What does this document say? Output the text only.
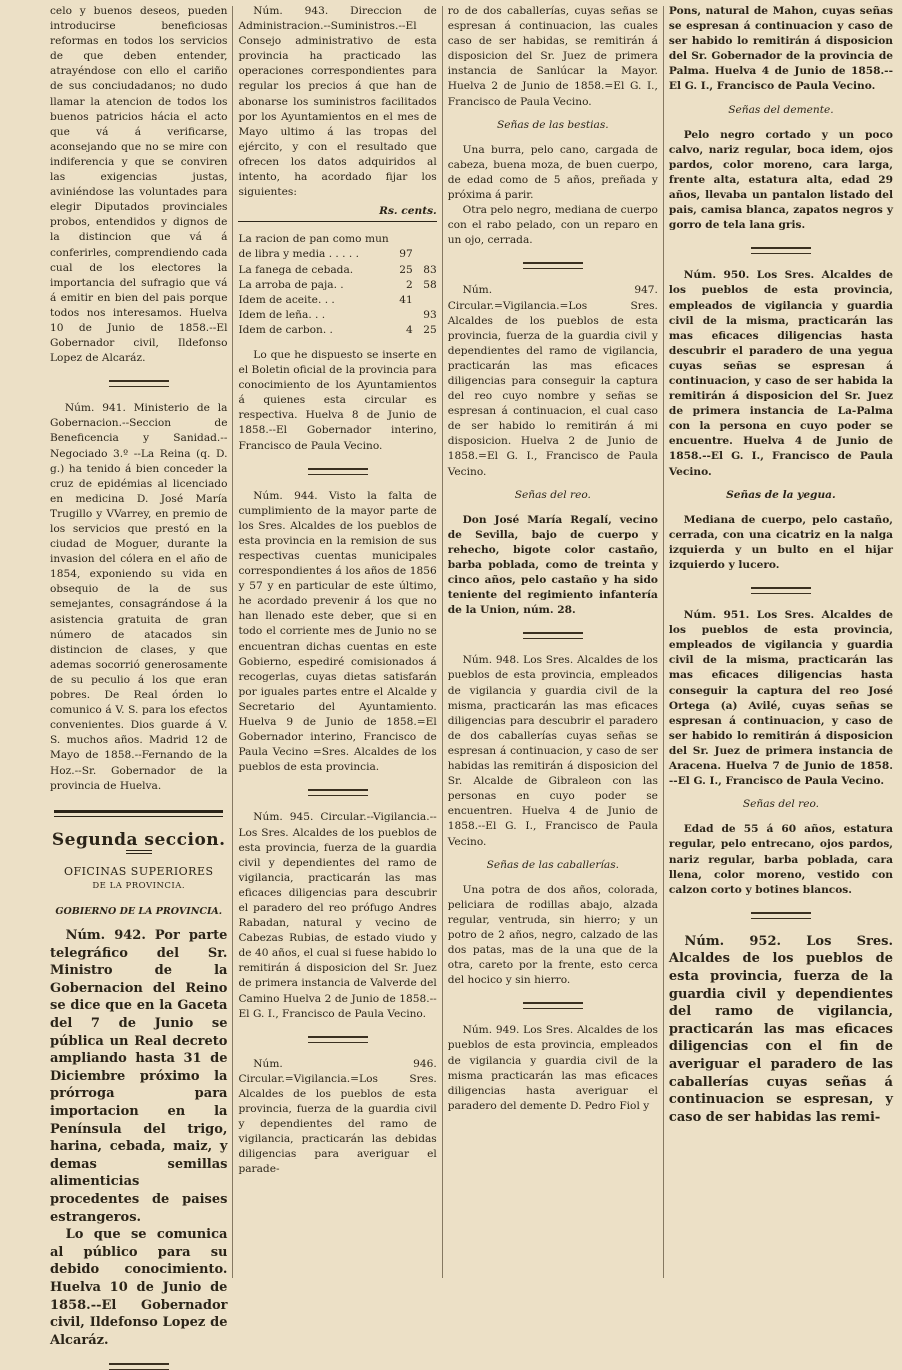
celo y buenos deseos, pueden introducirse beneficiosas reformas en todos los servicios de que deben entender, atrayéndose con ello el cariño de sus conciudadanos; no dudo llamar la atencion de todos los buenos patricios hácia el acto que vá á verificarse, aconsejando que no se mire con indiferencia y que se conviren las exigencias justas, aviniéndose las voluntades para elegir Diputados provinciales probos, entendidos y dignos de la distincion que vá á conferirles, comprendiendo cada cual de los electores la importancia del sufragio que vá á emitir en bien del pais porque todos nos interesamos. Huelva 10 de Junio de 1858.--El Gobernador civil, Ildefonso Lopez de Alcaráz.

Núm. 941. Ministerio de la Gobernacion.--Seccion de Beneficencia y Sanidad.--Negociado 3.º --La Reina (q. D. g.) ha tenido á bien conceder la cruz de epidémias al licenciado en medicina D. José María Trugillo y VVarrey, en premio de los servicios que prestó en la ciudad de Moguer, durante la invasion del cólera en el año de 1854, exponiendo su vida en obsequio de la de sus semejantes, consagrándose á la asistencia gratuita de gran número de atacados sin distincion de clases, y que ademas socorrió generosamente de su peculio á los que eran pobres. De Real órden lo comunico á V. S. para los efectos convenientes. Dios guarde á V. S. muchos años. Madrid 12 de Mayo de 1858.--Fernando de la Hoz.--Sr. Gobernador de la provincia de Huelva.

Segunda seccion.
OFICINAS SUPERIORES
DE LA PROVINCIA.
GOBIERNO DE LA PROVINCIA.

Núm. 942. Por parte telegráfico del Sr. Ministro de la Gobernacion del Reino se dice que en la Gaceta del 7 de Junio se pública un Real decreto ampliando hasta 31 de Diciembre próximo la prórroga para importacion en la Península del trigo, harina, cebada, maiz, y demas semillas alimenticias procedentes de paises estrangeros.

Lo que se comunica al público para su debido conocimiento. Huelva 10 de Junio de 1858.--El Gobernador civil, Ildefonso Lopez de Alcaráz.

Núm. 943. Direccion de Administracion.--Suministros.--El Consejo administrativo de esta provincia ha practicado las operaciones correspondientes para regular los precios á que han de abonarse los suministros facilitados por los Ayuntamientos en el mes de Mayo ultimo á las tropas del ejército, y con el resultado que ofrecen los datos adquiridos al intento, ha acordado fijar los siguientes:

Rs. cents.
La racion de pan como mun de libra y media . . . . .	97
La fanega de cebada.	25 83
La arroba de paja. .	2 58
Idem de aceite. . .	41
Idem de leña. . .	93
Idem de carbon. .	4 25

Lo que he dispuesto se inserte en el Boletin oficial de la provincia para conocimiento de los Ayuntamientos á quienes esta circular es respectiva. Huelva 8 de Junio de 1858.--El Gobernador interino, Francisco de Paula Vecino.

Núm. 944. Visto la falta de cumplimiento de la mayor parte de los Sres. Alcaldes de los pueblos de esta provincia en la remision de sus respectivas cuentas municipales correspondientes á los años de 1856 y 57 y en particular de este último, he acordado prevenir á los que no han llenado este deber, que si en todo el corriente mes de Junio no se encuentran dichas cuentas en este Gobierno, espediré comisionados á recogerlas, cuyas dietas satisfarán por iguales partes entre el Alcalde y Secretario del Ayuntamiento. Huelva 9 de Junio de 1858.=El Gobernador interino, Francisco de Paula Vecino =Sres. Alcaldes de los pueblos de esta provincia.

Núm. 945. Circular.--Vigilancia.--Los Sres. Alcaldes de los pueblos de esta provincia, fuerza de la guardia civil y dependientes del ramo de vigilancia, practicarán las mas eficaces diligencias para descubrir el paradero del reo prófugo Andres Rabadan, natural y vecino de Cabezas Rubias, de estado viudo y de 40 años, el cual si fuese habido lo remitirán á disposicion del Sr. Juez de primera instancia de Valverde del Camino Huelva 2 de Junio de 1858.--El G. I., Francisco de Paula Vecino.

Núm. 946. Circular.=Vigilancia.=Los Sres. Alcaldes de los pueblos de esta provincia, fuerza de la guardia civil y dependientes del ramo de vigilancia, practicarán las debidas diligencias para averiguar el parade-

ro de dos caballerías, cuyas señas se espresan á continuacion, las cuales caso de ser habidas, se remitirán á disposicion del Sr. Juez de primera instancia de Sanlúcar la Mayor. Huelva 2 de Junio de 1858.=El G. I., Francisco de Paula Vecino.

Señas de las bestias.

Una burra, pelo cano, cargada de cabeza, buena moza, de buen cuerpo, de edad como de 5 años, preñada y próxima á parir.

Otra pelo negro, mediana de cuerpo con el rabo pelado, con un reparo en un ojo, cerrada.

Núm. 947. Circular.=Vigilancia.=Los Sres. Alcaldes de los pueblos de esta provincia, fuerza de la guardia civil y dependientes del ramo de vigilancia, practicarán las mas eficaces diligencias para conseguir la captura del reo cuyo nombre y señas se espresan á continuacion, el cual caso de ser habido lo remitirán á mi disposicion. Huelva 2 de Junio de 1858.=El G. I., Francisco de Paula Vecino.

Señas del reo.

Don José María Regalí, vecino de Sevilla, bajo de cuerpo y rehecho, bigote color castaño, barba poblada, como de treinta y cinco años, pelo castaño y ha sido teniente del regimiento infantería de la Union, núm. 28.

Núm. 948. Los Sres. Alcaldes de los pueblos de esta provincia, empleados de vigilancia y guardia civil de la misma, practicarán las mas eficaces diligencias para descubrir el paradero de dos caballerías cuyas señas se espresan á continuacion, y caso de ser habidas las remitirán á disposicion del Sr. Alcalde de Gibraleon con las personas en cuyo poder se encuentren. Huelva 4 de Junio de 1858.--El G. I., Francisco de Paula Vecino.

Señas de las caballerías.

Una potra de dos años, colorada, peliciara de rodillas abajo, alzada regular, ventruda, sin hierro; y un potro de 2 años, negro, calzado de las dos patas, mas de la una que de la otra, careto por la frente, esto cerca del hocico y sin hierro.

Núm. 949. Los Sres. Alcaldes de los pueblos de esta provincia, empleados de vigilancia y guardia civil de la misma practicarán las mas eficaces diligencias hasta averiguar el paradero del demente D. Pedro Fiol y

Pons, natural de Mahon, cuyas señas se espresan á continuacion y caso de ser habido lo remitirán á disposicion del Sr. Gobernador de la provincia de Palma. Huelva 4 de Junio de 1858.--El G. I., Francisco de Paula Vecino.

Señas del demente.

Pelo negro cortado y un poco calvo, nariz regular, boca idem, ojos pardos, color moreno, cara larga, frente alta, estatura alta, edad 29 años, llevaba un pantalon listado del pais, camisa blanca, zapatos negros y gorro de tela lana gris.

Núm. 950. Los Sres. Alcaldes de los pueblos de esta provincia, empleados de vigilancia y guardia civil de la misma, practicarán las mas eficaces diligencias hasta descubrir el paradero de una yegua cuyas señas se espresan á continuacion, y caso de ser habida la remitirán á disposicion del Sr. Juez de primera instancia de La-Palma con la persona en cuyo poder se encuentre. Huelva 4 de Junio de 1858.--El G. I., Francisco de Paula Vecino.

Señas de la yegua.

Mediana de cuerpo, pelo castaño, cerrada, con una cicatriz en la nalga izquierda y un bulto en el hijar izquierdo y lucero.

Núm. 951. Los Sres. Alcaldes de los pueblos de esta provincia, empleados de vigilancia y guardia civil de la misma, practicarán las mas eficaces diligencias hasta conseguir la captura del reo José Ortega (a) Avilé, cuyas señas se espresan á continuacion, y caso de ser habido lo remitirán á disposicion del Sr. Juez de primera instancia de Aracena. Huelva 7 de Junio de 1858. --El G. I., Francisco de Paula Vecino.

Señas del reo.

Edad de 55 á 60 años, estatura regular, pelo entrecano, ojos pardos, nariz regular, barba poblada, cara llena, color moreno, vestido con calzon corto y botines blancos.

Núm. 952. Los Sres. Alcaldes de los pueblos de esta provincia, fuerza de la guardia civil y dependientes del ramo de vigilancia, practicarán las mas eficaces diligencias con el fin de averiguar el paradero de las caballerías cuyas señas á continuacion se espresan, y caso de ser habidas las remi-
